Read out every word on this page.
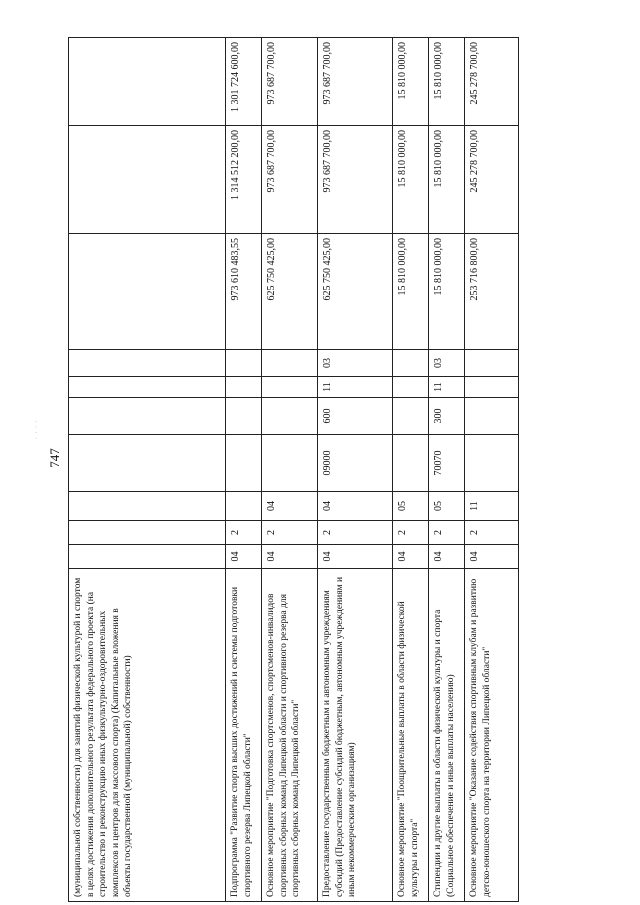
747
· · · ·
(муниципальной собственности) для занятий физической культурой и спортом в целях достижения дополнительного результата федерального проекта (на строительство и реконструкцию иных физкультурно-оздоровительных комплексов и центров для массового спорта) (Капитальные вложения в объекты государственной (муниципальной) собственности)										
Подпрограмма "Развитие спорта высших достижений и системы подготовки спортивного резерва Липецкой области"	04	2						973 610 483,55	1 314 512 200,00	1 301 724 600,00
Основное мероприятие "Подготовка спортсменов, спортсменов-инвалидов спортивных сборных команд Липецкой области и спортивного резерва для спортивных сборных команд Липецкой области"	04	2	04					625 750 425,00	973 687 700,00	973 687 700,00
Предоставление государственным бюджетным и автономным учреждениям субсидий (Предоставление субсидий бюджетным, автономным учреждениям и иным некоммерческим организациям)	04	2	04	09000	600	11	03	625 750 425,00	973 687 700,00	973 687 700,00
Основное мероприятие "Поощрительные выплаты в области физической культуры и спорта"	04	2	05					15 810 000,00	15 810 000,00	15 810 000,00
Стипендии и другие выплаты в области физической культуры и спорта (Социальное обеспечение и иные выплаты населению)	04	2	05	70070	300	11	03	15 810 000,00	15 810 000,00	15 810 000,00
Основное мероприятие "Оказание содействия спортивным клубам и развитию детско-юношеского спорта на территории Липецкой области"	04	2	11					253 716 800,00	245 278 700,00	245 278 700,00
